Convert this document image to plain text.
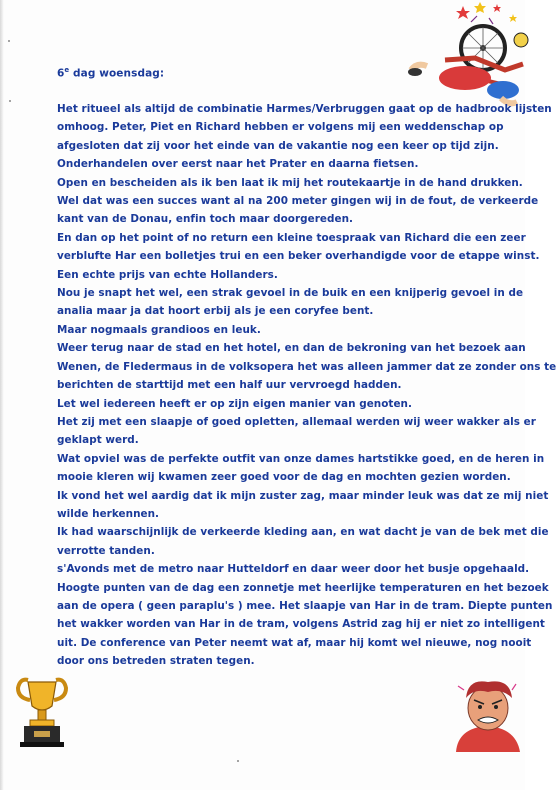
6e dag woensdag:
Het ritueel als altijd de combinatie Harmes/Verbruggen gaat op de hadbrook lijsten
omhoog. Peter, Piet en Richard hebben er volgens mij een weddenschap op
afgesloten dat zij voor het einde van de vakantie nog een keer op tijd zijn.
Onderhandelen over eerst naar het Prater en daarna fietsen.
Open en bescheiden als ik ben laat ik mij het routekaartje in de hand drukken.
Wel dat was een succes want al na 200 meter gingen wij in de fout, de verkeerde
kant van de Donau, enfin toch maar doorgereden.
En dan op het point of no return een kleine toespraak van Richard die een zeer
verblufte Har een bolletjes trui en een beker overhandigde voor de etappe winst.
Een echte prijs van echte Hollanders.
Nou je snapt het wel, een strak gevoel in de buik en een knijperig gevoel in de
analia maar ja dat hoort erbij als je een coryfee bent.
Maar nogmaals grandioos en leuk.
Weer terug naar de stad en het hotel, en dan de bekroning van het bezoek aan
Wenen, de Fledermaus in de volksopera het was alleen jammer dat ze zonder ons te
berichten de starttijd met een half uur vervroegd hadden.
Let wel iedereen heeft er op zijn eigen manier van genoten.
Het zij met een slaapje of goed opletten, allemaal werden wij weer wakker als er
geklapt werd.
Wat opviel was de perfekte outfit van onze dames hartstikke goed, en de heren in
mooie kleren wij kwamen zeer goed voor de dag en mochten gezien worden.
Ik vond het wel aardig dat ik mijn zuster zag, maar minder leuk was dat ze mij niet
wilde herkennen.
Ik had waarschijnlijk de verkeerde kleding aan, en wat dacht je van de bek met die
verrotte tanden.
s'Avonds met de metro naar Hutteldorf en daar weer door het busje opgehaald.
Hoogte punten van de dag een zonnetje met heerlijke temperaturen en het bezoek
aan de opera ( geen paraplu's ) mee. Het slaapje van Har in de tram. Diepte punten
het wakker worden van Har in de tram, volgens Astrid zag hij er niet zo intelligent
uit. De conference van Peter neemt wat af, maar hij komt wel nieuwe, nog nooit
door ons betreden straten tegen.
